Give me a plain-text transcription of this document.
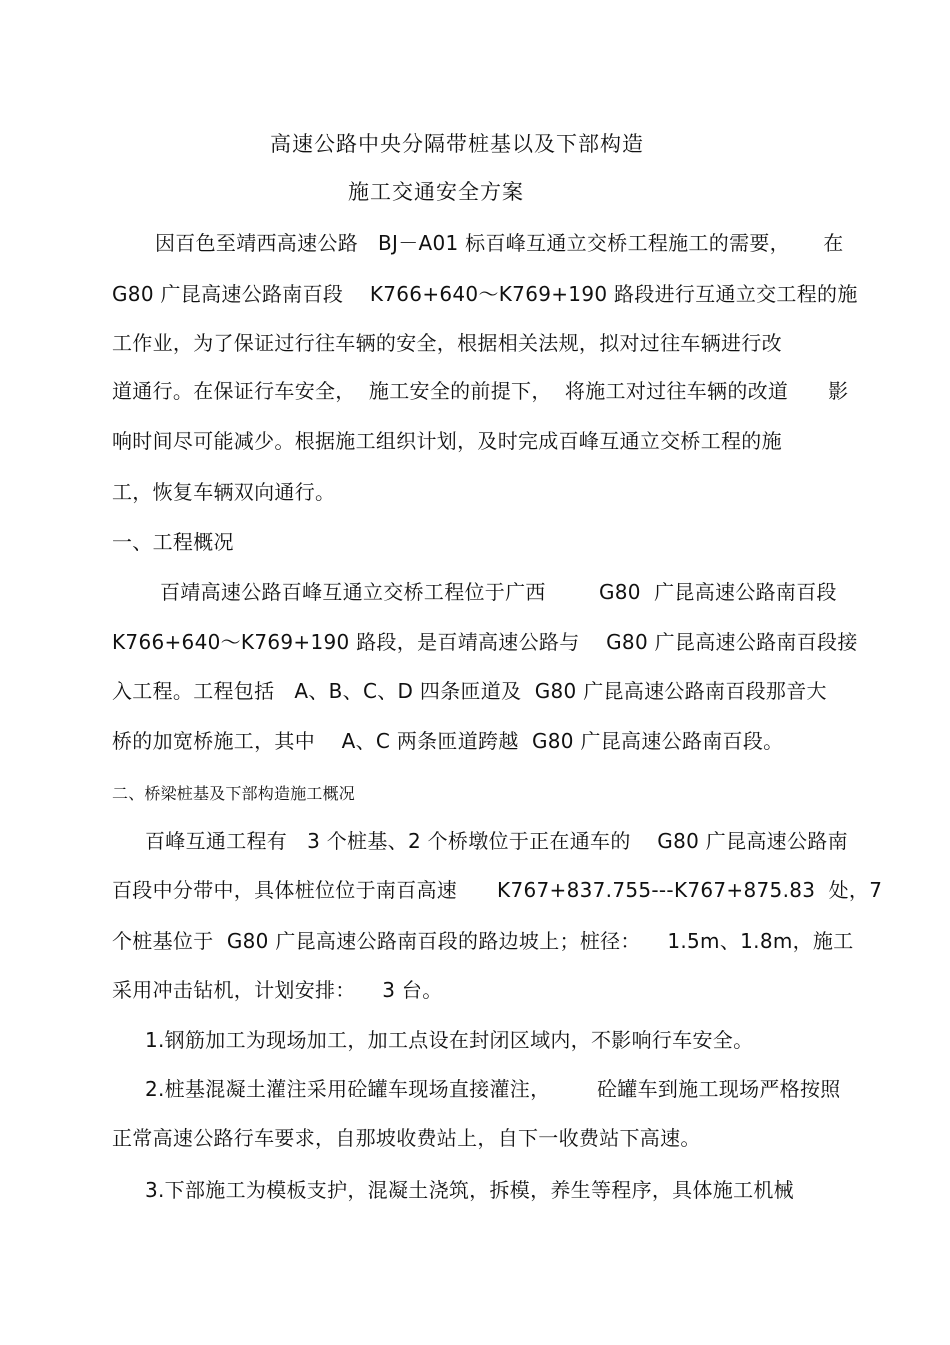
高速公路中央分隔带桩基以及下部构造
施工交通安全方案
因百色至靖西高速公路   BJ－A01 标百峰互通立交桥工程施工的需要，     在
G80 广昆高速公路南百段    K766+640～K769+190 路段进行互通立交工程的施
工作业，为了保证过行往车辆的安全，根据相关法规，拟对过往车辆进行改
道通行。在保证行车安全，  施工安全的前提下，  将施工对过往车辆的改道      影
响时间尽可能减少。根据施工组织计划，及时完成百峰互通立交桥工程的施
工，恢复车辆双向通行。
一、工程概况
百靖高速公路百峰互通立交桥工程位于广西        G80  广昆高速公路南百段
K766+640～K769+190 路段，是百靖高速公路与    G80 广昆高速公路南百段接
入工程。工程包括   A、B、C、D 四条匝道及  G80 广昆高速公路南百段那音大
桥的加宽桥施工，其中    A、C 两条匝道跨越  G80 广昆高速公路南百段。
二、桥梁桩基及下部构造施工概况
百峰互通工程有   3 个桩基、2 个桥墩位于正在通车的    G80 广昆高速公路南
百段中分带中，具体桩位位于南百高速      K767+837.755---K767+875.83  处，7
个桩基位于  G80 广昆高速公路南百段的路边坡上；桩径：    1.5m、1.8m，施工
采用冲击钻机，计划安排：    3 台。
1.钢筋加工为现场加工，加工点设在封闭区域内，不影响行车安全。
2.桩基混凝土灌注采用砼罐车现场直接灌注，       砼罐车到施工现场严格按照
正常高速公路行车要求，自那坡收费站上，自下一收费站下高速。
3.下部施工为模板支护，混凝土浇筑，拆模，养生等程序，具体施工机械
